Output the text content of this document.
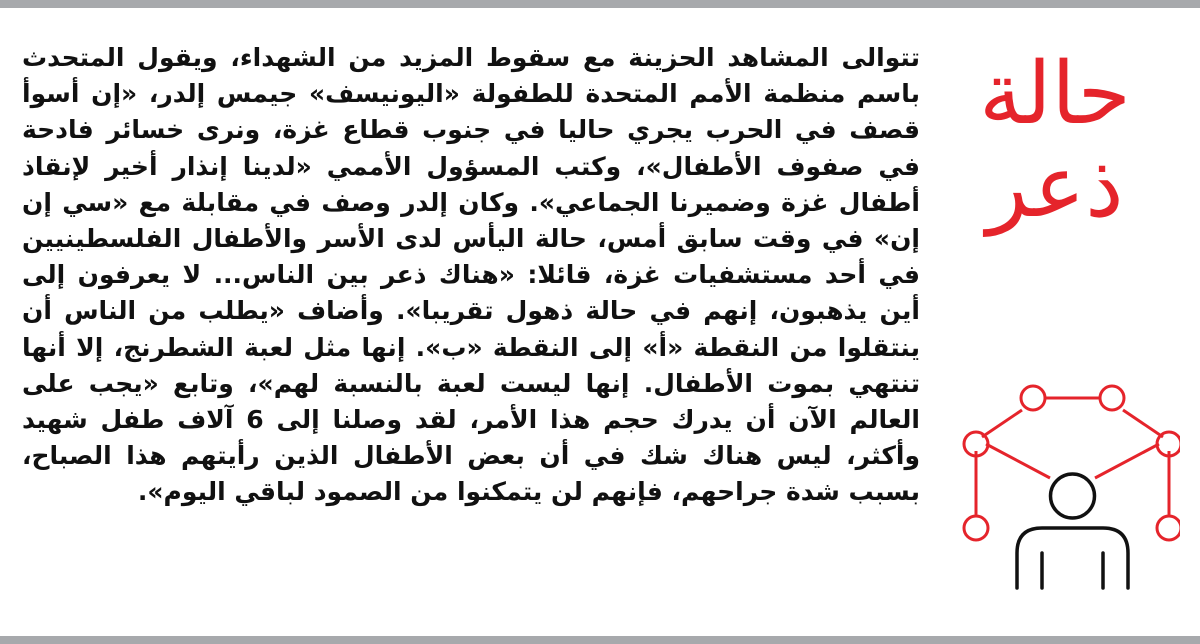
حالة
ذعر

تتوالى المشاهد الحزينة مع سقوط المزيد من الشهداء، ويقول المتحدث باسم منظمة الأمم المتحدة للطفولة «اليونيسف» جيمس إلدر، «إن أسوأ قصف في الحرب يجري حاليا في جنوب قطاع غزة، ونرى خسائر فادحة في صفوف الأطفال»، وكتب المسؤول الأممي «لدينا إنذار أخير لإنقاذ أطفال غزة وضميرنا الجماعي». وكان إلدر وصف في مقابلة مع «سي إن إن» في وقت سابق أمس، حالة اليأس لدى الأسر والأطفال الفلسطينيين في أحد مستشفيات غزة، قائلا: «هناك ذعر بين الناس... لا يعرفون إلى أين يذهبون، إنهم في حالة ذهول تقريبا». وأضاف «يطلب من الناس أن ينتقلوا من النقطة «أ» إلى النقطة «ب». إنها مثل لعبة الشطرنج، إلا أنها تنتهي بموت الأطفال. إنها ليست لعبة بالنسبة لهم»، وتابع «يجب على العالم الآن أن يدرك حجم هذا الأمر، لقد وصلنا إلى 6 آلاف طفل شهيد وأكثر، ليس هناك شك في أن بعض الأطفال الذين رأيتهم هذا الصباح، بسبب شدة جراحهم، فإنهم لن يتمكنوا من الصمود لباقي اليوم».
